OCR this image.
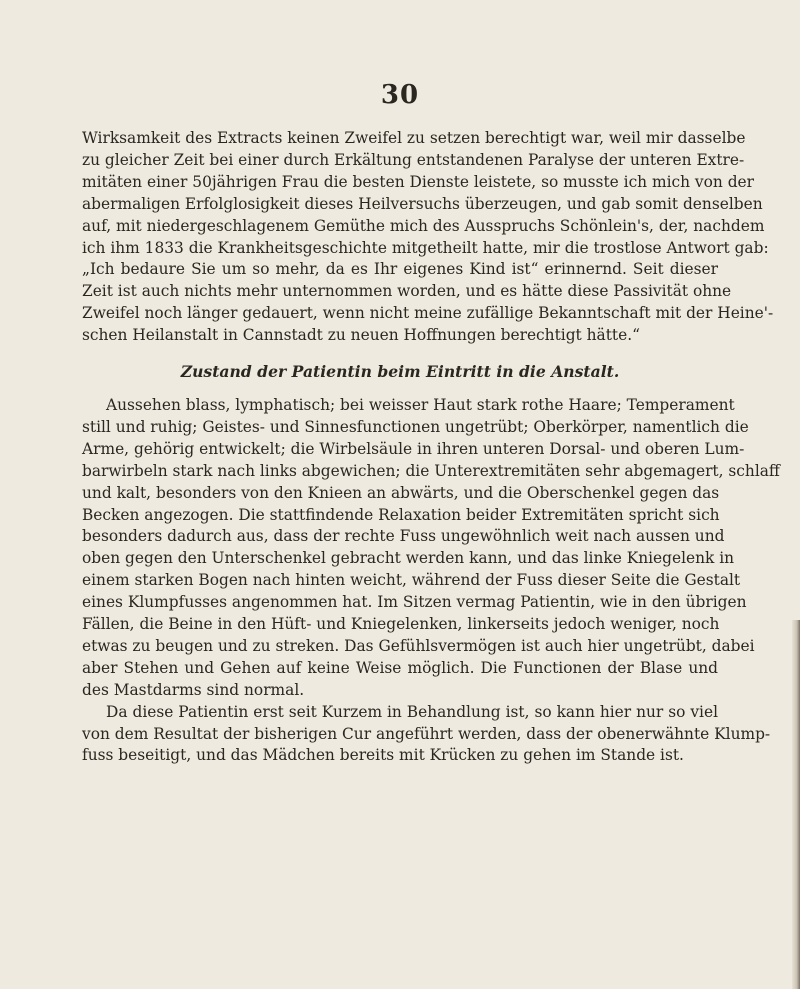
30
Wirksamkeit des Extracts keinen Zweifel zu setzen berechtigt war, weil mir dasselbe
zu gleicher Zeit bei einer durch Erkältung entstandenen Paralyse der unteren Extre-
mitäten einer 50jährigen Frau die besten Dienste leistete, so musste ich mich von der
abermaligen Erfolglosigkeit dieses Heilversuchs überzeugen, und gab somit denselben
auf, mit niedergeschlagenem Gemüthe mich des Ausspruchs Schönlein's, der, nachdem
ich ihm 1833 die Krankheitsgeschichte mitgetheilt hatte, mir die trostlose Antwort gab:
„Ich bedaure Sie um so mehr, da es Ihr eigenes Kind ist“ erinnernd. Seit dieser
Zeit ist auch nichts mehr unternommen worden, und es hätte diese Passivität ohne
Zweifel noch länger gedauert, wenn nicht meine zufällige Bekanntschaft mit der Heine'-
schen Heilanstalt in Cannstadt zu neuen Hoffnungen berechtigt hätte.“
Zustand der Patientin beim Eintritt in die Anstalt.
Aussehen blass, lymphatisch; bei weisser Haut stark rothe Haare; Temperament
still und ruhig; Geistes- und Sinnesfunctionen ungetrübt; Oberkörper, namentlich die
Arme, gehörig entwickelt; die Wirbelsäule in ihren unteren Dorsal- und oberen Lum-
barwirbeln stark nach links abgewichen; die Unterextremitäten sehr abgemagert, schlaff
und kalt, besonders von den Knieen an abwärts, und die Oberschenkel gegen das
Becken angezogen. Die stattfindende Relaxation beider Extremitäten spricht sich
besonders dadurch aus, dass der rechte Fuss ungewöhnlich weit nach aussen und
oben gegen den Unterschenkel gebracht werden kann, und das linke Kniegelenk in
einem starken Bogen nach hinten weicht, während der Fuss dieser Seite die Gestalt
eines Klumpfusses angenommen hat. Im Sitzen vermag Patientin, wie in den übrigen
Fällen, die Beine in den Hüft- und Kniegelenken, linkerseits jedoch weniger, noch
etwas zu beugen und zu streken. Das Gefühlsvermögen ist auch hier ungetrübt, dabei
aber Stehen und Gehen auf keine Weise möglich. Die Functionen der Blase und
des Mastdarms sind normal.
Da diese Patientin erst seit Kurzem in Behandlung ist, so kann hier nur so viel
von dem Resultat der bisherigen Cur angeführt werden, dass der obenerwähnte Klump-
fuss beseitigt, und das Mädchen bereits mit Krücken zu gehen im Stande ist.
